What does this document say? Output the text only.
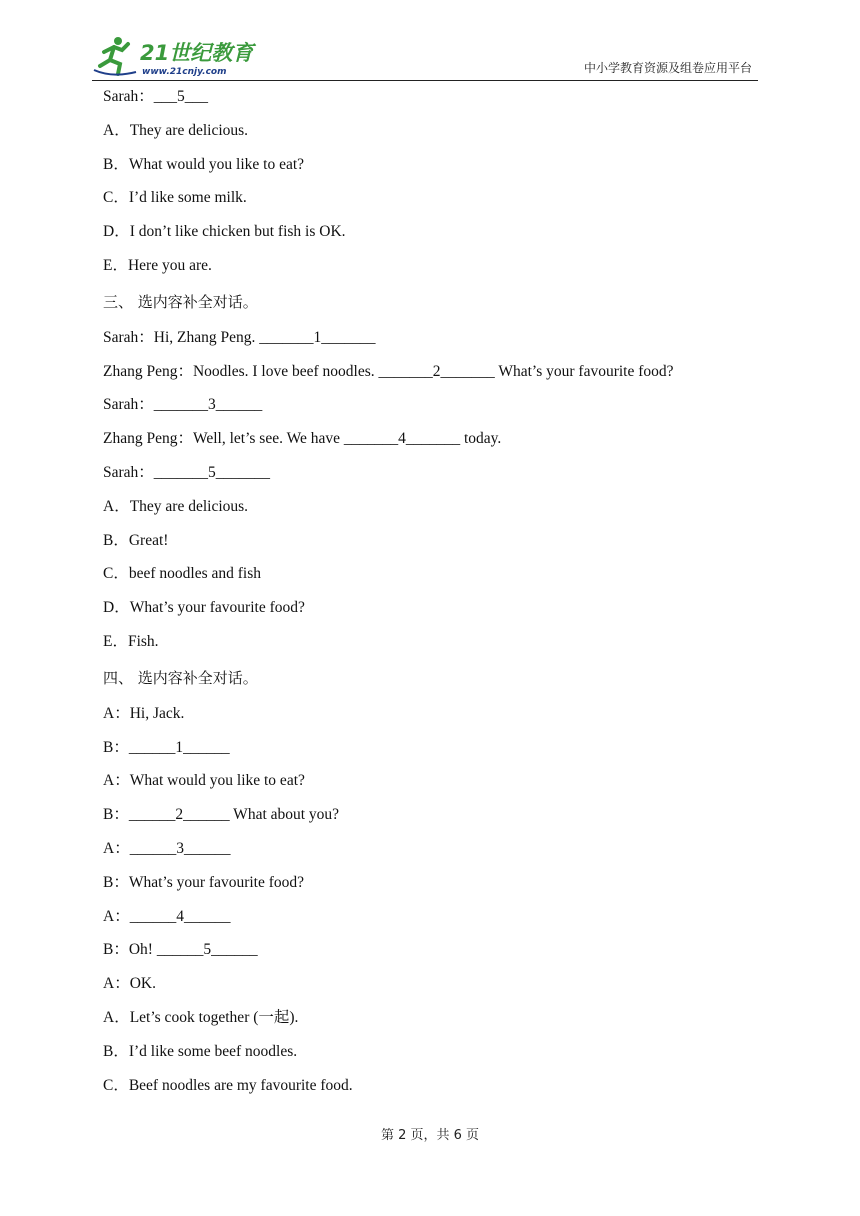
21世纪教育
www.21cnjy.com	中小学教育资源及组卷应用平台
Sarah：___5___
A．They are delicious.
B．What would you like to eat?
C．I’d like some milk.
D．I don’t like chicken but fish is OK.
E．Here you are.
三、 选内容补全对话。
Sarah：Hi, Zhang Peng. _______1_______
Zhang Peng：Noodles. I love beef noodles. _______2_______ What’s your favourite food?
Sarah：_______3______
Zhang Peng：Well, let’s see. We have _______4_______ today.
Sarah：_______5_______
A．They are delicious.
B．Great!
C．beef noodles and fish
D．What’s your favourite food?
E．Fish.
四、 选内容补全对话。
A：Hi, Jack.
B：______1______
A：What would you like to eat?
B：______2______ What about you?
A：______3______
B：What’s your favourite food?
A：______4______
B：Oh! ______5______
A：OK.
A．Let’s cook together (一起).
B．I’d like some beef noodles.
C．Beef noodles are my favourite food.
第 2 页，共 6 页
